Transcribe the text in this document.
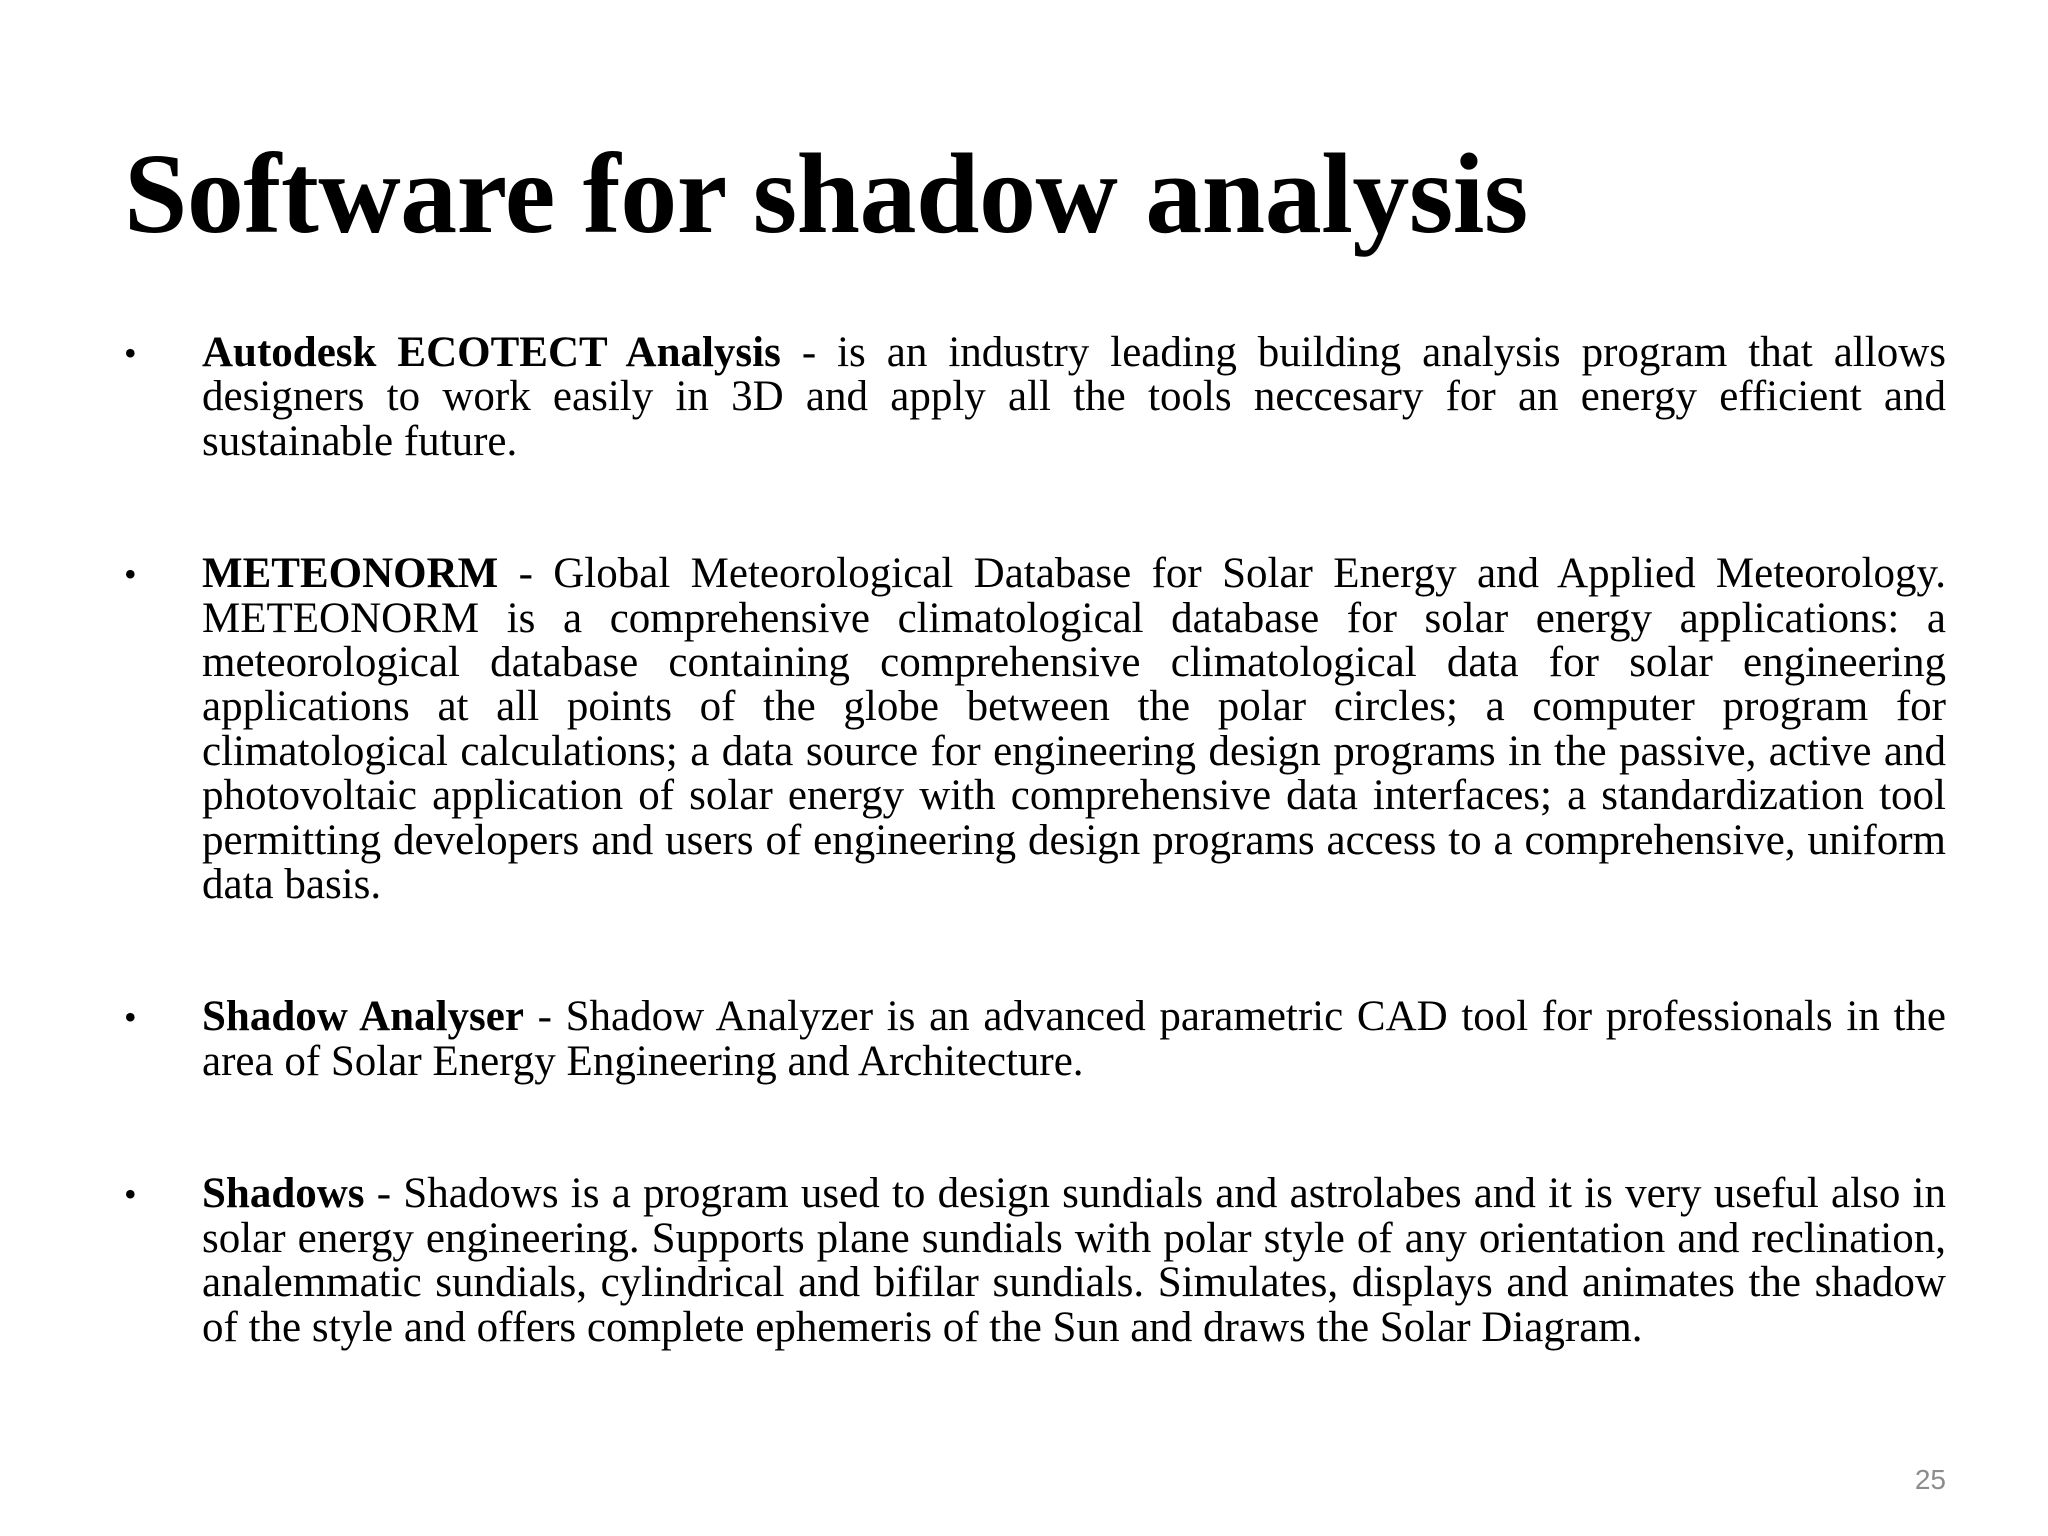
Software for shadow analysis
• Autodesk ECOTECT Analysis - is an industry leading building analysis program that allows designers to work easily in 3D and apply all the tools neccesary for an energy efficient and sustainable future.
• METEONORM - Global Meteorological Database for Solar Energy and Applied Meteorology. METEONORM is a comprehensive climatological database for solar energy applications: a meteorological database containing comprehensive climatological data for solar engineering applications at all points of the globe between the polar circles; a computer program for climatological calculations; a data source for engineering design programs in the passive, active and photovoltaic application of solar energy with comprehensive data interfaces; a standardization tool permitting developers and users of engineering design programs access to a comprehensive, uniform data basis.
• Shadow Analyser - Shadow Analyzer is an advanced parametric CAD tool for professionals in the area of Solar Energy Engineering and Architecture.
• Shadows - Shadows is a program used to design sundials and astrolabes and it is very useful also in solar energy engineering. Supports plane sundials with polar style of any orientation and reclination, analemmatic sundials, cylindrical and bifilar sundials. Simulates, displays and animates the shadow of the style and offers complete ephemeris of the Sun and draws the Solar Diagram.
25
